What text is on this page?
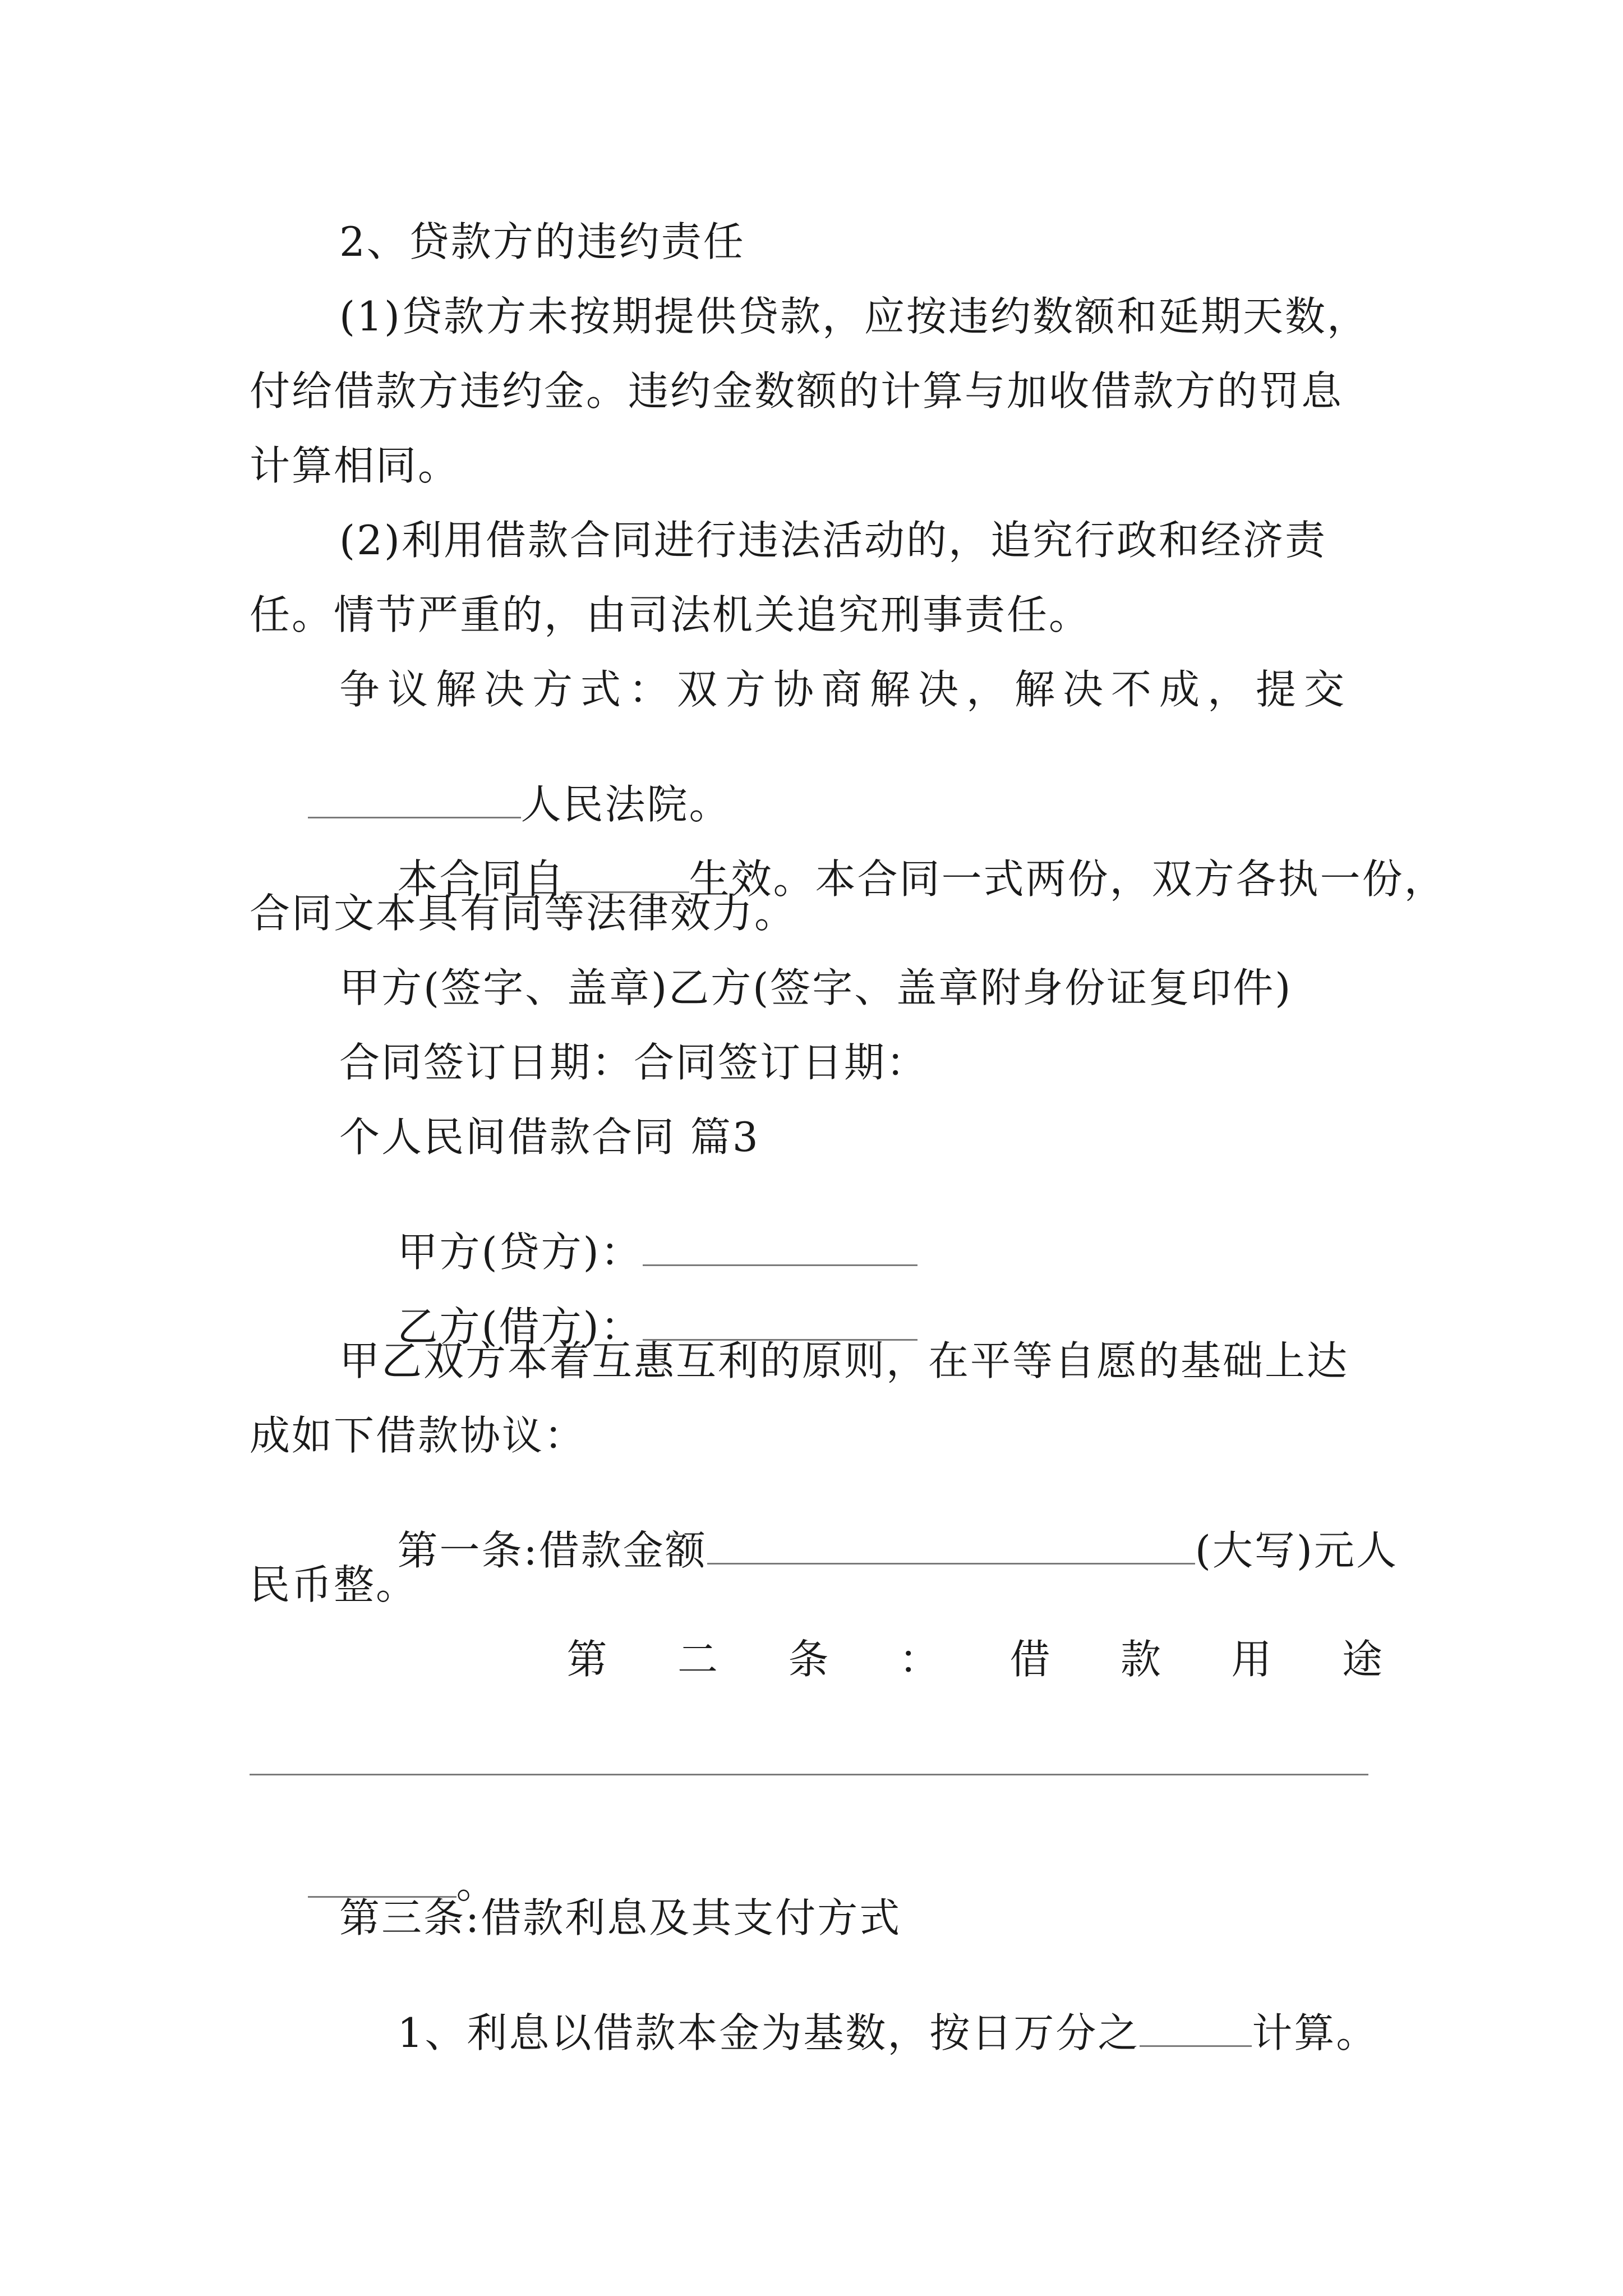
2、贷款方的违约责任
(1)贷款方未按期提供贷款，应按违约数额和延期天数，
付给借款方违约金。违约金数额的计算与加收借款方的罚息
计算相同。
(2)利用借款合同进行违法活动的，追究行政和经济责
任。情节严重的，由司法机关追究刑事责任。
争议解决方式：双方协商解决，解决不成，提交

人民法院。

本合同自	生效。本合同一式两份，双方各执一份，

合同文本具有同等法律效力。
甲方(签字、盖章)乙方(签字、盖章附身份证复印件)
合同签订日期：合同签订日期：
个人民间借款合同 篇3

甲方(贷方)：

乙方(借方)：

甲乙双方本着互惠互利的原则，在平等自愿的基础上达
成如下借款协议：

第一条:借款金额	(大写)元人

民币整。
第 二 条 ： 借 款 用 途

。

第三条:借款利息及其支付方式

1、利息以借款本金为基数，按日万分之	计算。
